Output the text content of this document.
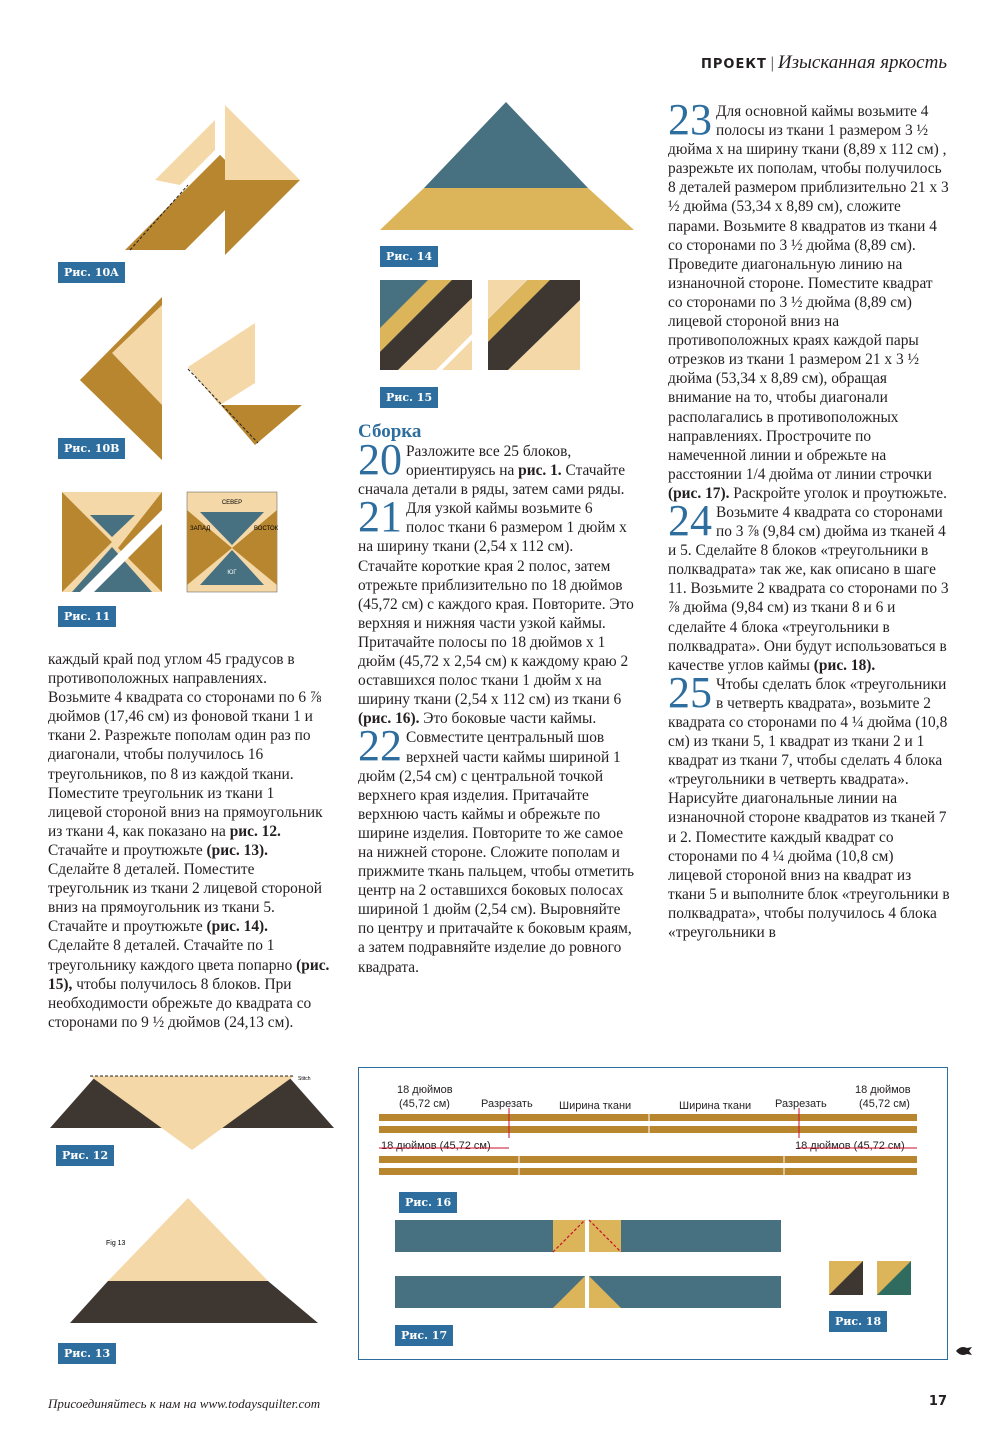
ПРОЕКТ | Изысканная яркость
Рис. 10A
Рис. 10B
СЕВЕР
ЮГ
ЗАПАД	ВОСТОК
Рис. 11
Рис. 14
Рис. 15

каждый край под углом 45 градусов в противоположных направлениях. Возьмите 4 квадрата со сторонами по 6 ⅞ дюймов (17,46 см) из фоновой ткани 1 и ткани 2. Разрежьте пополам один раз по диагонали, чтобы получилось 16 треугольников, по 8 из каждой ткани. Поместите треугольник из ткани 1 лицевой стороной вниз на прямоугольник из ткани 4, как показано на рис. 12. Стачайте и проутюжьте (рис. 13). Сделайте 8 деталей. Поместите треугольник из ткани 2 лицевой стороной вниз на прямоугольник из ткани 5. Стачайте и проутюжьте (рис. 14). Сделайте 8 деталей. Стачайте по 1 треугольнику каждого цвета попарно (рис. 15), чтобы получилось 8 блоков. При необходимости обрежьте до квадрата со сторонами по 9 ½ дюймов (24,13 см).

Сборка

20 Разложите все 25 блоков, ориентируясь на рис. 1. Стачайте сначала детали в ряды, затем сами ряды.

21 Для узкой каймы возьмите 6 полос ткани 6 размером 1 дюйм х на ширину ткани (2,54 х 112 см). Стачайте короткие края 2 полос, затем отрежьте приблизительно по 18 дюймов (45,72 см) с каждого края. Повторите. Это верхняя и нижняя части узкой каймы. Притачайте полосы по 18 дюймов х 1 дюйм (45,72 х 2,54 см) к каждому краю 2 оставшихся полос ткани 1 дюйм х на ширину ткани (2,54 х 112 см) из ткани 6 (рис. 16). Это боковые части каймы.

22 Совместите центральный шов верхней части каймы шириной 1 дюйм (2,54 см) с центральной точкой верхнего края изделия. Притачайте верхнюю часть каймы и обрежьте по ширине изделия. Повторите то же самое на нижней стороне. Сложите пополам и прижмите ткань пальцем, чтобы отметить центр на 2 оставшихся боковых полосах шириной 1 дюйм (2,54 см). Выровняйте по центру и притачайте к боковым краям, а затем подравняйте изделие до ровного квадрата.

23 Для основной каймы возьмите 4 полосы из ткани 1 размером 3 ½ дюйма х на ширину ткани (8,89 х 112 см) , разрежьте их пополам, чтобы получилось 8 деталей размером приблизительно 21 х 3 ½ дюйма (53,34 х 8,89 см), сложите парами. Возьмите 8 квадратов из ткани 4 со сторонами по 3 ½ дюйма (8,89 см). Проведите диагональную линию на изнаночной стороне. Поместите квадрат со сторонами по 3 ½ дюйма (8,89 см) лицевой стороной вниз на противоположных краях каждой пары отрезков из ткани 1 размером 21 х 3 ½ дюйма (53,34 х 8,89 см), обращая внимание на то, чтобы диагонали располагались в противоположных направлениях. Прострочите по намеченной линии и обрежьте на расстоянии 1/4 дюйма от линии строчки (рис. 17). Раскройте уголок и проутюжьте.

24 Возьмите 4 квадрата со сторонами по 3 ⅞ (9,84 см) дюйма из тканей 4 и 5. Сделайте 8 блоков «треугольники в полквадрата» так же, как описано в шаге 11. Возьмите 2 квадрата со сторонами по 3 ⅞ дюйма (9,84 см) из ткани 8 и 6 и сделайте 4 блока «треугольники в полквадрата». Они будут использоваться в качестве углов каймы (рис. 18).

25 Чтобы сделать блок «треугольники в четверть квадрата», возьмите 2 квадрата со сторонами по 4 ¼ дюйма (10,8 см) из ткани 5, 1 квадрат из ткани 2 и 1 квадрат из ткани 7, чтобы сделать 4 блока «треугольники в четверть квадрата». Нарисуйте диагональные линии на изнаночной стороне квадратов из тканей 7 и 2. Поместите каждый квадрат со сторонами по 4 ¼ дюйма (10,8 см) лицевой стороной вниз на квадрат из ткани 5 и выполните блок «треугольники в полквадрата», чтобы получилось 4 блока «треугольники в

Stitch
Рис. 12
Fig 13
Рис. 13
18 дюймов
(45,72 см)	Разрезать Ширина ткани	Ширина ткани Разрезать
18 дюймов
(45,72 см)
18 дюймов (45,72 см)	18 дюймов (45,72 см)
Рис. 16
Рис. 17
Рис. 18
Присоединяйтесь к нам на www.todaysquilter.com	17
